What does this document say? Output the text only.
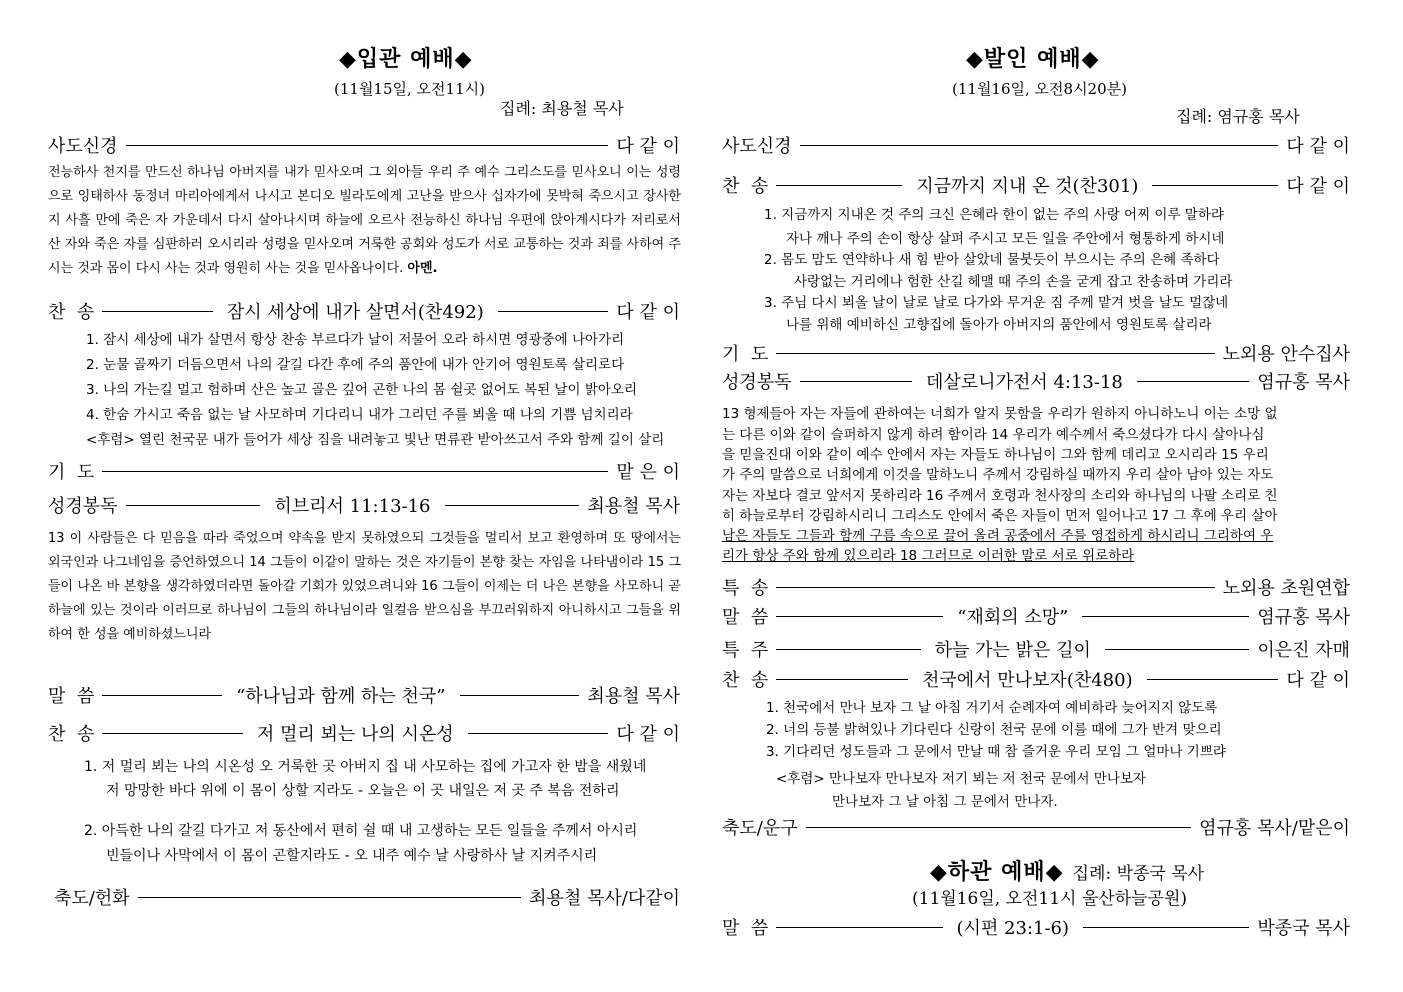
◆입관 예배◆
(11월15일, 오전11시)
집례: 최용철 목사
사도신경	다 같 이
전능하사 천지를 만드신 하나님 아버지를 내가 믿사오며 그 외아들 우리 주 예수 그리스도를 믿사오니 이는 성령으로 잉태하사 동정녀 마리아에게서 나시고 본디오 빌라도에게 고난을 받으사 십자가에 못박혀 죽으시고 장사한지 사흘 만에 죽은 자 가운데서 다시 살아나시며 하늘에 오르사 전능하신 하나님 우편에 앉아계시다가 저리로서 산 자와 죽은 자를 심판하러 오시리라 성령을 믿사오며 거룩한 공회와 성도가 서로 교통하는 것과 죄를 사하여 주시는 것과 몸이 다시 사는 것과 영원히 사는 것을 믿사옵나이다. 아멘.
찬  송	잠시 세상에 내가 살면서(찬492)	다 같 이
1. 잠시 세상에 내가 살면서 항상 찬송 부르다가 날이 저물어 오라 하시면 영광중에 나아가리
2. 눈물 골짜기 더듬으면서 나의 갈길 다간 후에 주의 품안에 내가 안기어 영원토록 살리로다
3. 나의 가는길 멀고 험하며 산은 높고 골은 깊어 곤한 나의 몸 쉴곳 없어도 복된 날이 밝아오리
4. 한숨 가시고 죽음 없는 날 사모하며 기다리니 내가 그리던 주를 뵈올 때 나의 기쁨 넘치리라
<후렴> 열린 천국문 내가 들어가 세상 짐을 내려놓고 빛난 면류관 받아쓰고서 주와 함께 길이 살리
기  도	맡 은 이
성경봉독	히브리서 11:13-16	최용철 목사
13 이 사람들은 다 믿음을 따라 죽었으며 약속을 받지 못하였으되 그것들을 멀리서 보고 환영하며 또 땅에서는 외국인과 나그네임을 증언하였으니 14 그들이 이같이 말하는 것은 자기들이 본향 찾는 자임을 나타냄이라 15 그들이 나온 바 본향을 생각하였더라면 돌아갈 기회가 있었으려니와 16 그들이 이제는 더 나은 본향을 사모하니 곧 하늘에 있는 것이라 이러므로 하나님이 그들의 하나님이라 일컬음 받으심을 부끄러워하지 아니하시고 그들을 위하여 한 성을 예비하셨느니라
말  씀	“하나님과 함께 하는 천국”	최용철 목사
찬  송	저 멀리 뵈는 나의 시온성	다 같 이
1. 저 멀리 뵈는 나의 시온성 오 거룩한 곳 아버지 집 내 사모하는 집에 가고자 한 밤을 새웠네
저 망망한 바다 위에 이 몸이 상할 지라도 - 오늘은 이 곳 내일은 저 곳 주 복음 전하리
2. 아득한 나의 갈길 다가고 저 동산에서 편히 쉴 때 내 고생하는 모든 일들을 주께서 아시리
빈들이나 사막에서 이 몸이 곤할지라도 - 오 내주 예수 날 사랑하사 날 지켜주시리
축도/헌화	최용철 목사/다같이
◆발인 예배◆
(11월16일, 오전8시20분)
집례: 염규홍 목사
사도신경	다 같 이
찬  송	지금까지 지내 온 것(찬301)	다 같 이
1. 지금까지 지내온 것 주의 크신 은혜라 한이 없는 주의 사랑 어찌 이루 말하랴
자나 깨나 주의 손이 항상 살펴 주시고 모든 일을 주안에서 형통하게 하시네
2. 몸도 맘도 연약하나 새 힘 받아 살았네 물붓듯이 부으시는 주의 은혜 족하다
사랑없는 거리에나 험한 산길 헤맬 때 주의 손을 굳게 잡고 찬송하며 가리라
3. 주님 다시 뵈올 날이 날로 날로 다가와 무거운 짐 주께 맡겨 벗을 날도 멀잖네
나를 위해 예비하신 고향집에 돌아가 아버지의 품안에서 영원토록 살리라
기  도	노외용 안수집사
성경봉독	데살로니가전서 4:13-18	염규홍 목사
13 형제들아 자는 자들에 관하여는 너희가 알지 못함을 우리가 원하지 아니하노니 이는 소망 없
는 다른 이와 같이 슬퍼하지 않게 하려 함이라 14 우리가 예수께서 죽으셨다가 다시 살아나심
을 믿을진대 이와 같이 예수 안에서 자는 자들도 하나님이 그와 함께 데리고 오시리라 15 우리
가 주의 말씀으로 너희에게 이것을 말하노니 주께서 강림하실 때까지 우리 살아 남아 있는 자도
자는 자보다 결코 앞서지 못하리라 16 주께서 호령과 천사장의 소리와 하나님의 나팔 소리로 친
히 하늘로부터 강림하시리니 그리스도 안에서 죽은 자들이 먼저 일어나고 17 그 후에 우리 살아
남은 자들도 그들과 함께 구름 속으로 끌어 올려 공중에서 주를 영접하게 하시리니 그리하여 우
리가 항상 주와 함께 있으리라 18 그러므로 이러한 말로 서로 위로하라
특  송	노외용 초원연합
말  씀	“재회의 소망”	염규홍 목사
특  주	하늘 가는 밝은 길이	이은진 자매
찬  송	천국에서 만나보자(찬480)	다 같 이
1. 천국에서 만나 보자 그 날 아침 거기서 순례자여 예비하라 늦어지지 않도록
2. 너의 등불 밝혀있나 기다린다 신랑이 천국 문에 이를 때에 그가 반겨 맞으리
3. 기다리던 성도들과 그 문에서 만날 때 참 즐거운 우리 모임 그 얼마나 기쁘랴
<후렴> 만나보자 만나보자 저기 뵈는 저 천국 문에서 만나보자
만나보자 그 날 아침 그 문에서 만나자.
축도/운구	염규홍 목사/맡은이
◆하관 예배◆ 집례: 박종국 목사
(11월16일, 오전11시 울산하늘공원)
말  씀	(시편 23:1-6)	박종국 목사
